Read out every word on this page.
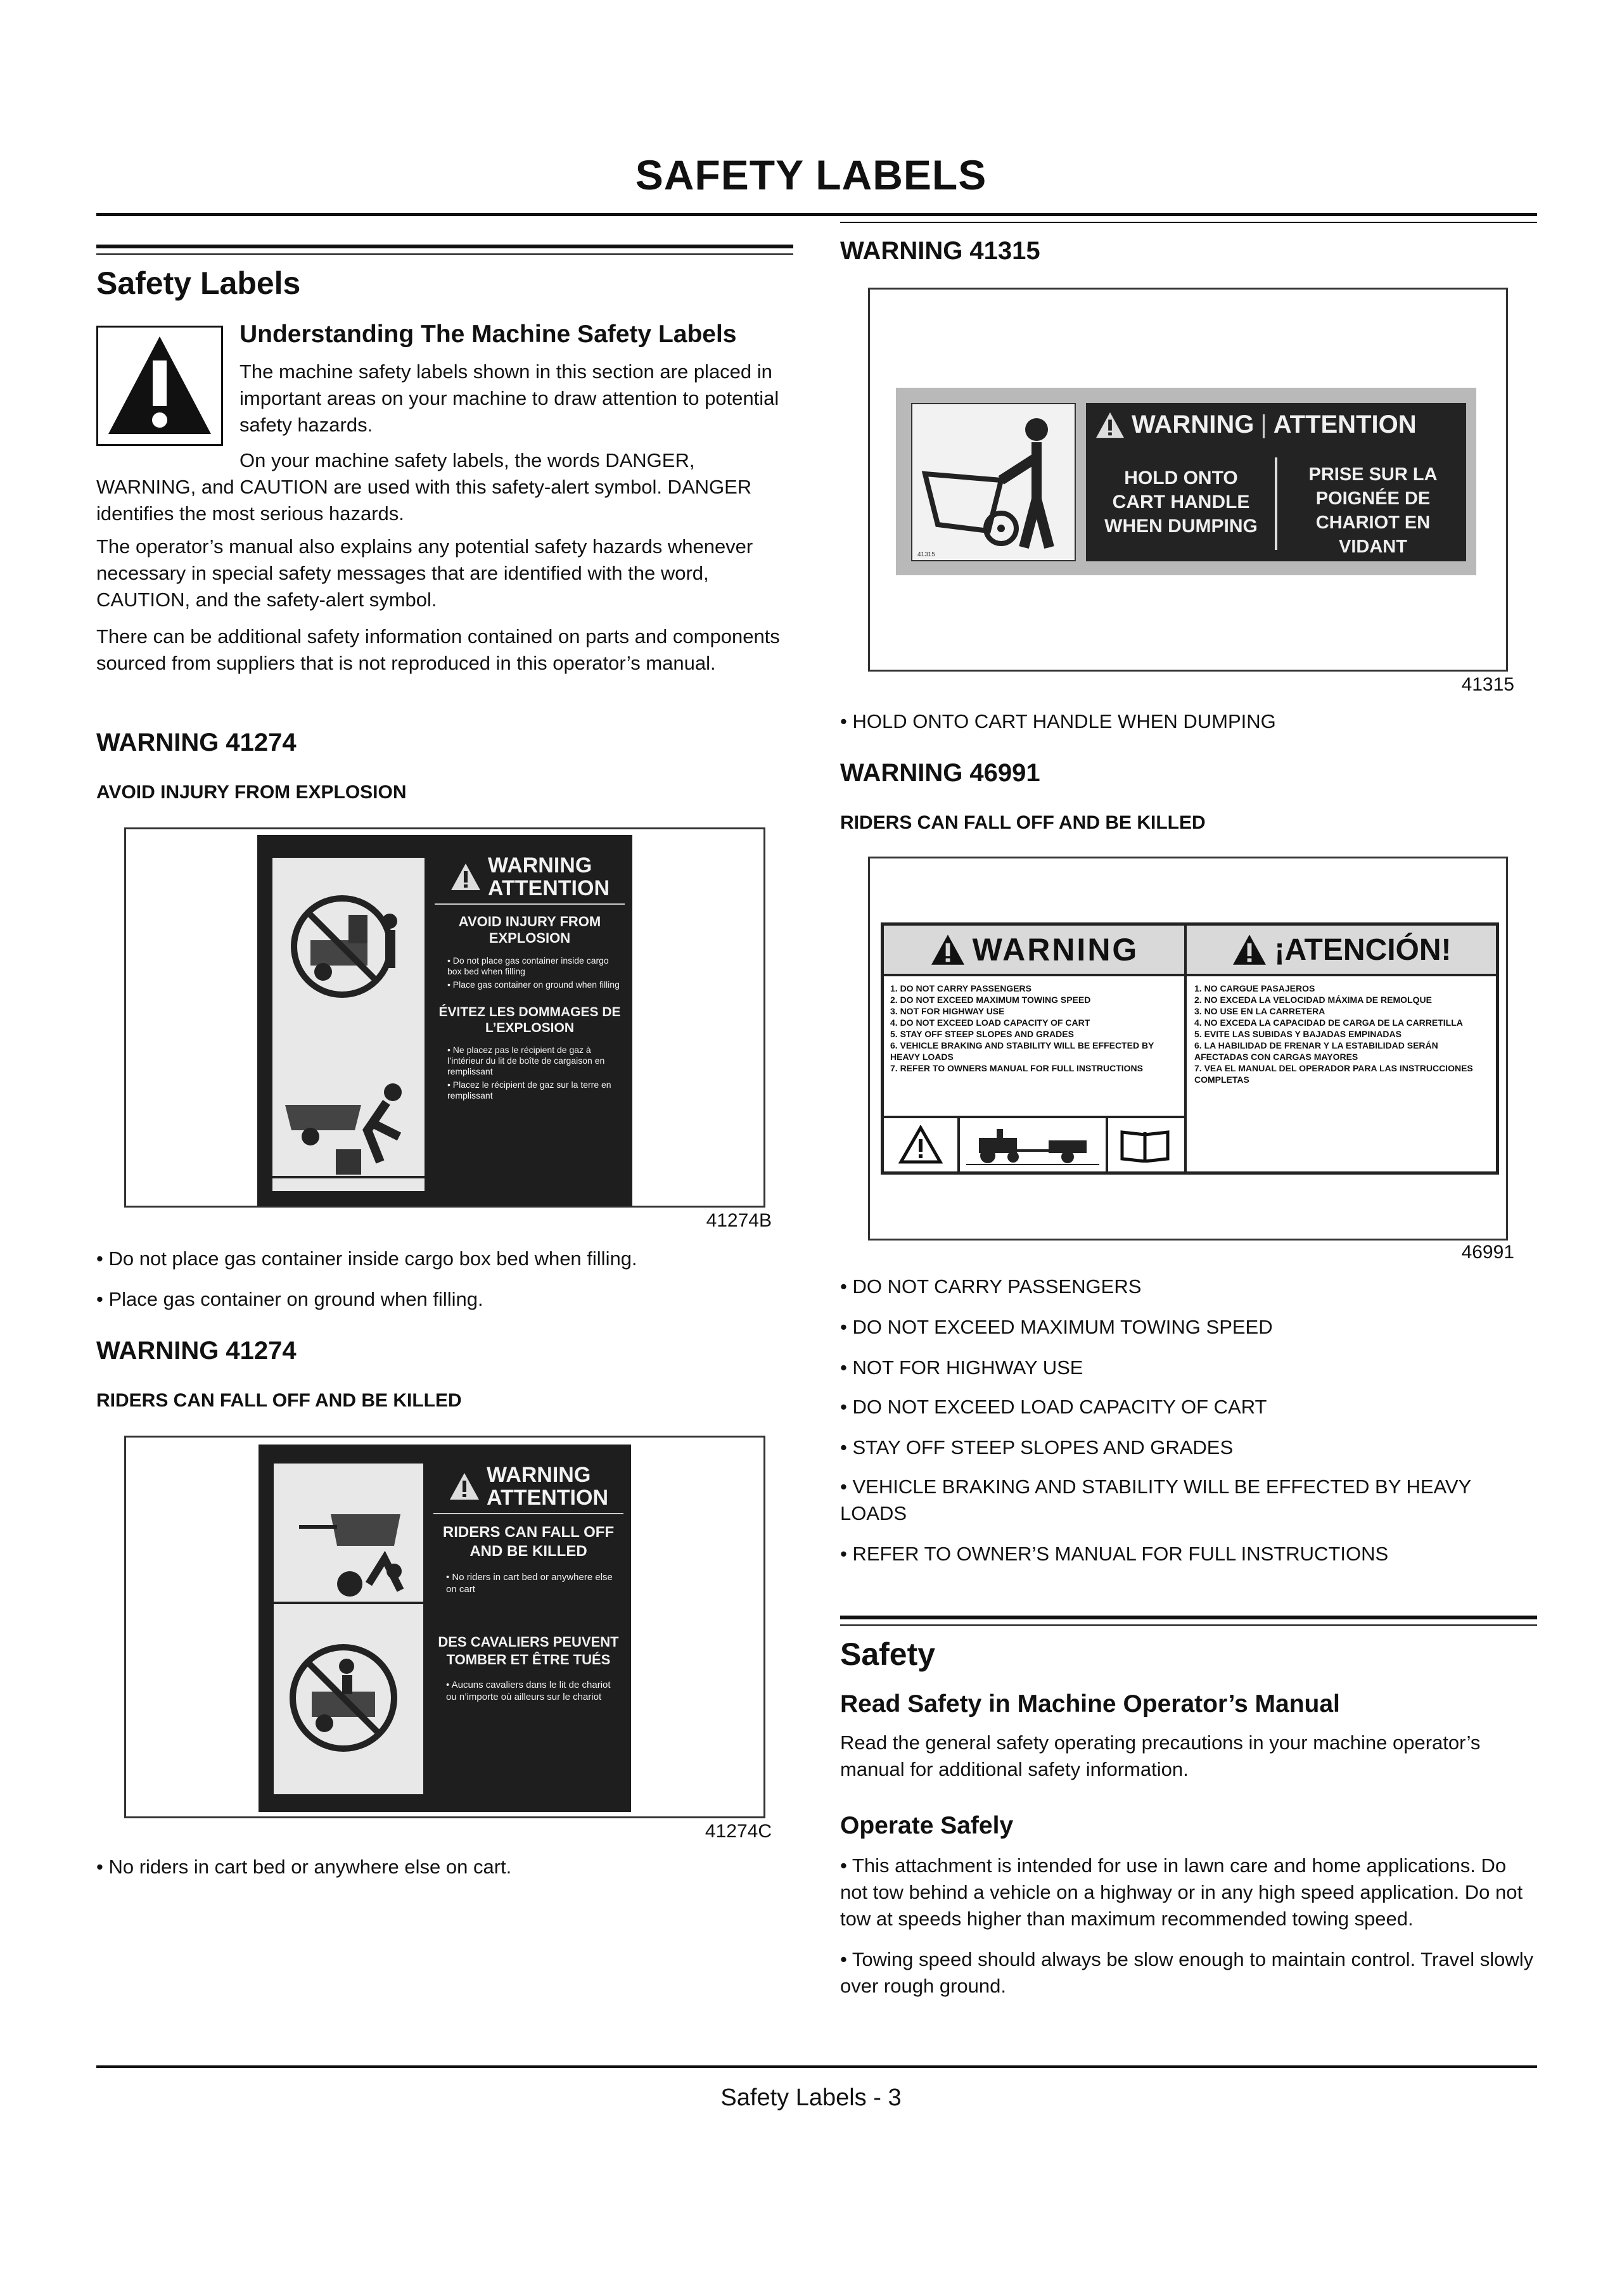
SAFETY LABELS
Safety Labels
Understanding The Machine Safety Labels

The machine safety labels shown in this section are placed in important areas on your machine to draw attention to potential safety hazards.

On your machine safety labels, the words DANGER, WARNING, and CAUTION are used with this safety-alert symbol. DANGER identifies the most serious hazards.

The operator’s manual also explains any potential safety hazards whenever necessary in special safety messages that are identified with the word, CAUTION, and the safety-alert symbol.

There can be additional safety information contained on parts and components sourced from suppliers that is not reproduced in this operator’s manual.

WARNING 41274
AVOID INJURY FROM EXPLOSION
WARNING
ATTENTION
AVOID INJURY FROM EXPLOSION
• Do not place gas container inside cargo box bed when filling
• Place gas container on ground when filling
ÉVITEZ LES DOMMAGES DE L’EXPLOSION
• Ne placez pas le récipient de gaz à l’intérieur du lit de boîte de cargaison en remplissant
• Placez le récipient de gaz sur la terre en remplissant
41274B

• Do not place gas container inside cargo box bed when filling.

• Place gas container on ground when filling.

WARNING 41274
RIDERS CAN FALL OFF AND BE KILLED
WARNING
ATTENTION
RIDERS CAN FALL OFF AND BE KILLED
• No riders in cart bed or anywhere else on cart
DES CAVALIERS PEUVENT TOMBER ET ÊTRE TUÉS
• Aucuns cavaliers dans le lit de chariot ou n’importe où ailleurs sur le chariot
41274C

• No riders in cart bed or anywhere else on cart.

WARNING 41315
41315
WARNING | ATTENTION
HOLD ONTO CART HANDLE WHEN DUMPING
PRISE SUR LA POIGNÉE DE CHARIOT EN VIDANT
41315

• HOLD ONTO CART HANDLE WHEN DUMPING

WARNING 46991
RIDERS CAN FALL OFF AND BE KILLED
WARNING	¡ATENCIÓN!
1. DO NOT CARRY PASSENGERS
2. DO NOT EXCEED MAXIMUM TOWING SPEED
3. NOT FOR HIGHWAY USE
4. DO NOT EXCEED LOAD CAPACITY OF CART
5. STAY OFF STEEP SLOPES AND GRADES
6. VEHICLE BRAKING AND STABILITY WILL BE EFFECTED BY HEAVY LOADS
7. REFER TO OWNERS MANUAL FOR FULL INSTRUCTIONS
1. NO CARGUE PASAJEROS
2. NO EXCEDA LA VELOCIDAD MÁXIMA DE REMOLQUE
3. NO USE EN LA CARRETERA
4. NO EXCEDA LA CAPACIDAD DE CARGA DE LA CARRETILLA
5. EVITE LAS SUBIDAS Y BAJADAS EMPINADAS
6. LA HABILIDAD DE FRENAR Y LA ESTABILIDAD SERÁN AFECTADAS CON CARGAS MAYORES
7. VEA EL MANUAL DEL OPERADOR PARA LAS INSTRUCCIONES COMPLETAS
46991

• DO NOT CARRY PASSENGERS

• DO NOT EXCEED MAXIMUM TOWING SPEED

• NOT FOR HIGHWAY USE

• DO NOT EXCEED LOAD CAPACITY OF CART

• STAY OFF STEEP SLOPES AND GRADES

• VEHICLE BRAKING AND STABILITY WILL BE EFFECTED BY HEAVY LOADS

• REFER TO OWNER’S MANUAL FOR FULL INSTRUCTIONS

Safety
Read Safety in Machine Operator’s Manual

Read the general safety operating precautions in your machine operator’s manual for additional safety information.

Operate Safely

• This attachment is intended for use in lawn care and home applications. Do not tow behind a vehicle on a highway or in any high speed application. Do not tow at speeds higher than maximum recommended towing speed.

• Towing speed should always be slow enough to maintain control. Travel slowly over rough ground.

Safety Labels - 3
